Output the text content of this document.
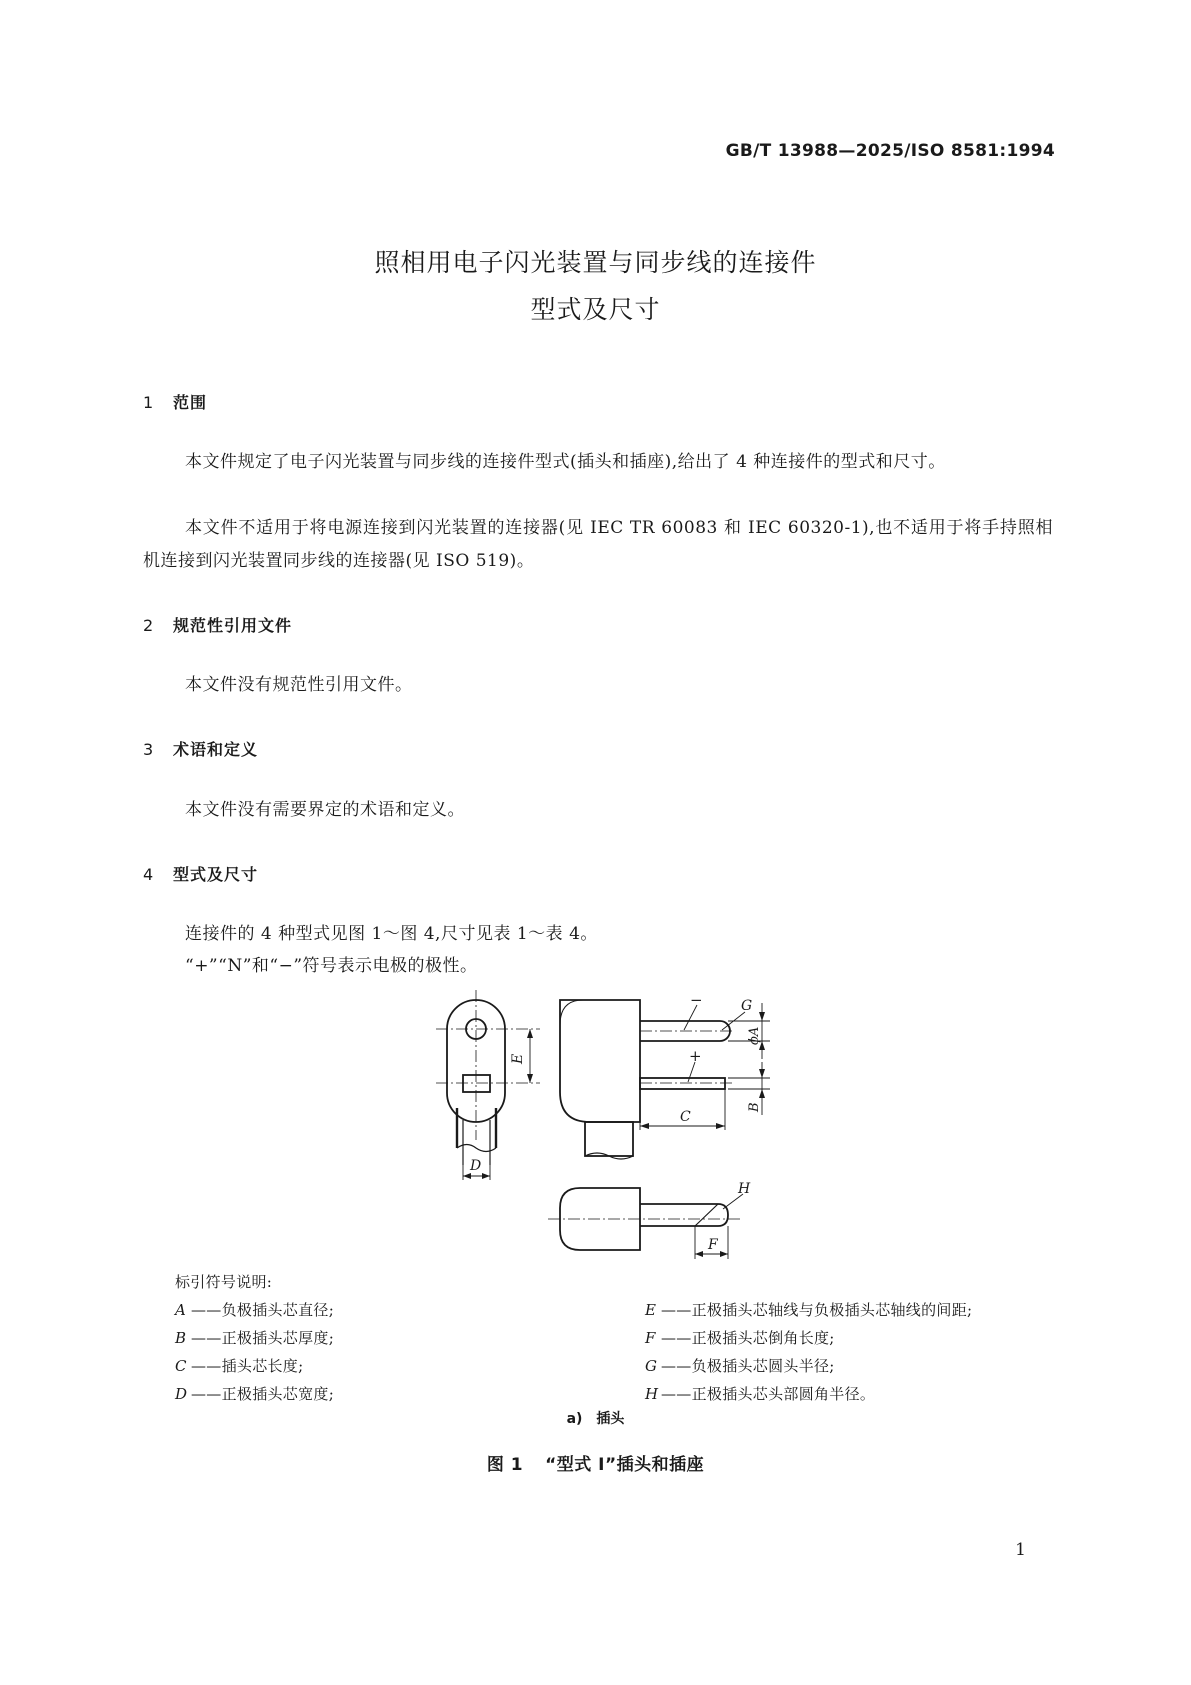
GB/T 13988—2025/ISO 8581:1994
照相用电子闪光装置与同步线的连接件
型式及尺寸
1 范围
本文件规定了电子闪光装置与同步线的连接件型式(插头和插座),给出了 4 种连接件的型式和尺寸。
本文件不适用于将电源连接到闪光装置的连接器(见 IEC TR 60083 和 IEC 60320-1),也不适用于将手持照相机连接到闪光装置同步线的连接器(见 ISO 519)。
2 规范性引用文件
本文件没有规范性引用文件。
3 术语和定义
本文件没有需要界定的术语和定义。
4 型式及尺寸
连接件的 4 种型式见图 1～图 4,尺寸见表 1～表 4。
“+”“N”和“−”符号表示电极的极性。
E
D
−
+
G
ϕA
B
C
H
F
标引符号说明:
A ——负极插头芯直径;
B ——正极插头芯厚度;
C ——插头芯长度;
D ——正极插头芯宽度;
E ——正极插头芯轴线与负极插头芯轴线的间距;
F ——正极插头芯倒角长度;
G ——负极插头芯圆头半径;
H ——正极插头芯头部圆角半径。
a) 插头
图 1 “型式 Ⅰ”插头和插座
1
